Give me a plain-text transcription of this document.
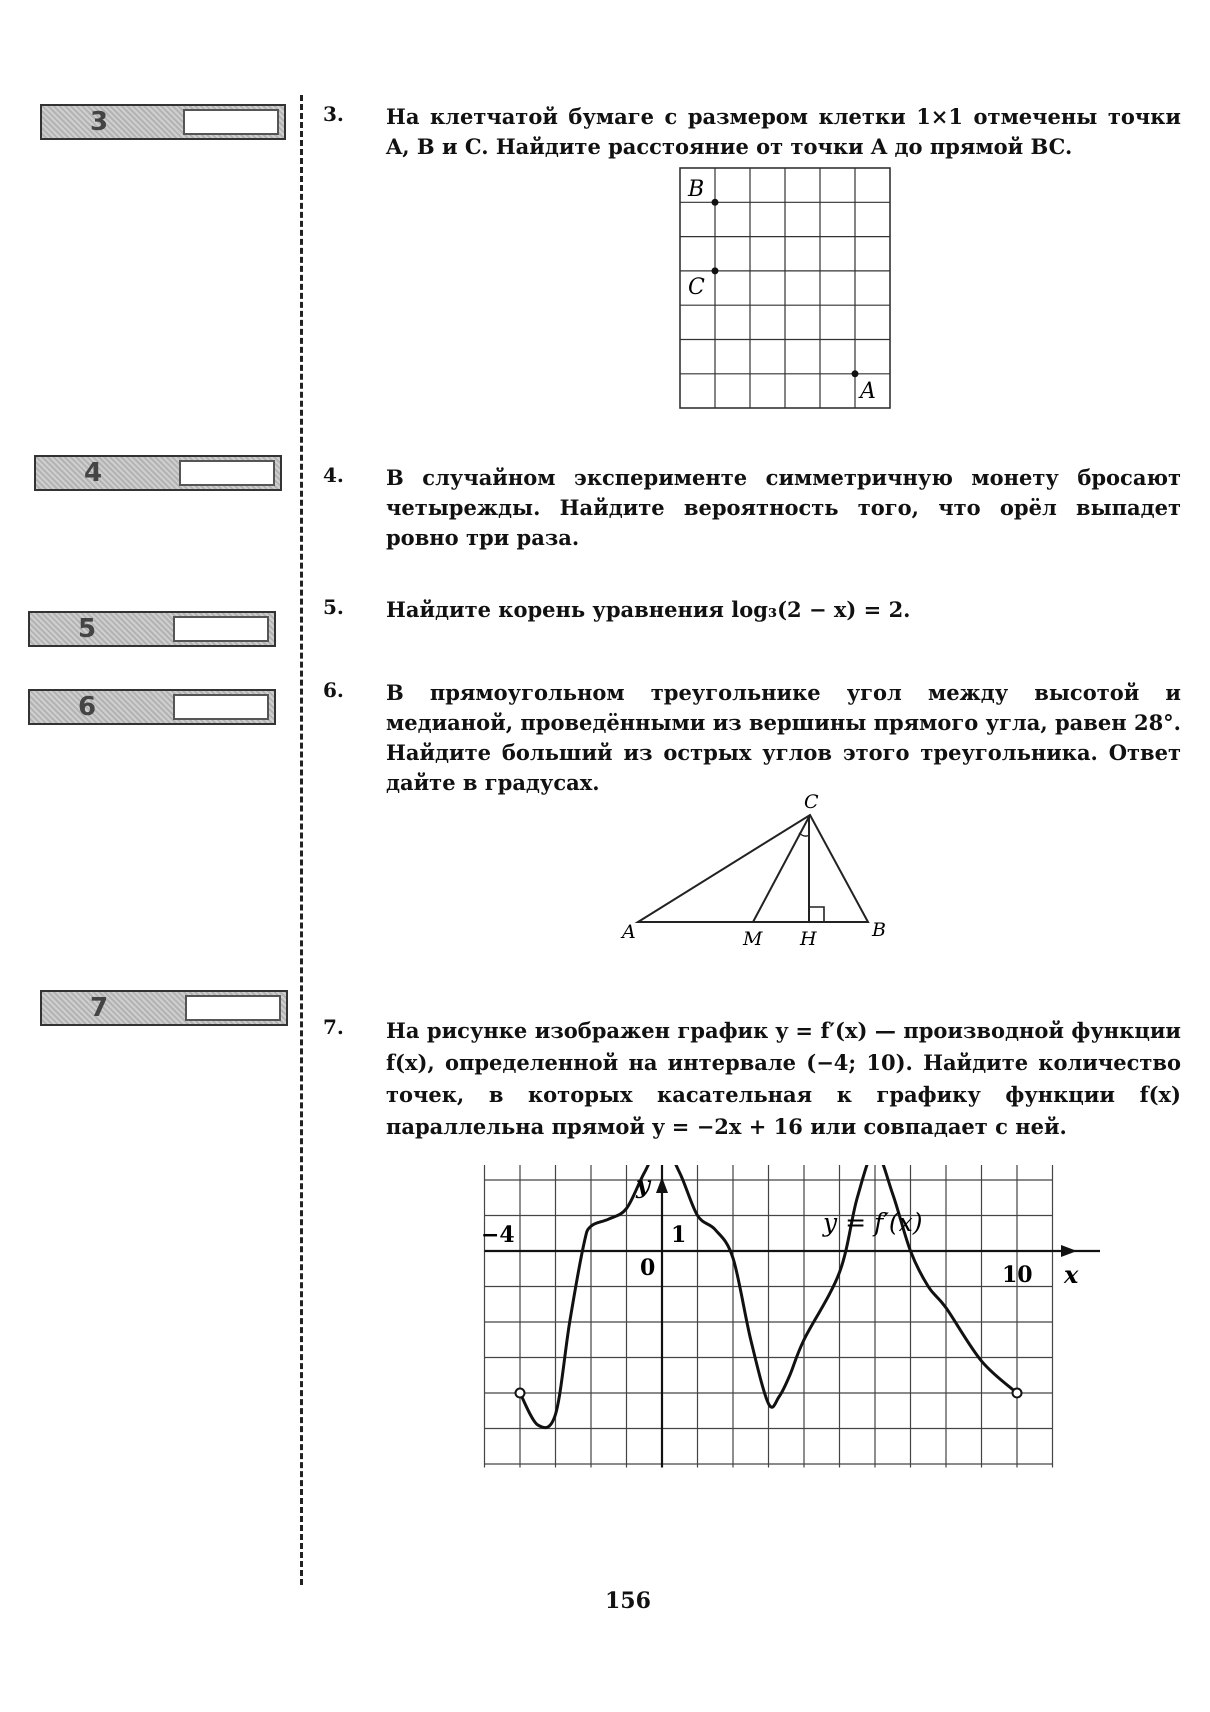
3
4
5
6
7
3. На клетчатой бумаге с размером клетки 1×1 отмечены точки A, B и C. Найдите расстояние от точки A до прямой BC.
B
C
A
4. В случайном эксперименте симметричную монету бросают четырежды. Найдите вероятность того, что орёл выпадет ровно три раза.
5. Найдите корень уравнения log₃(2 − x) = 2.
6. В прямоугольном треугольнике угол между высотой и медианой, проведёнными из вершины прямого угла, равен 28°. Найдите больший из острых углов этого треугольника. Ответ дайте в градусах.
C
A	B
M H
7. На рисунке изображен график y = f′(x) — производной функции f(x), определенной на интервале (−4; 10). Найдите количество точек, в которых касательная к графику функции f(x) параллельна прямой y = −2x + 16 или совпадает с ней.
y
x
y = f′(x)
−4	1
0	10
156
